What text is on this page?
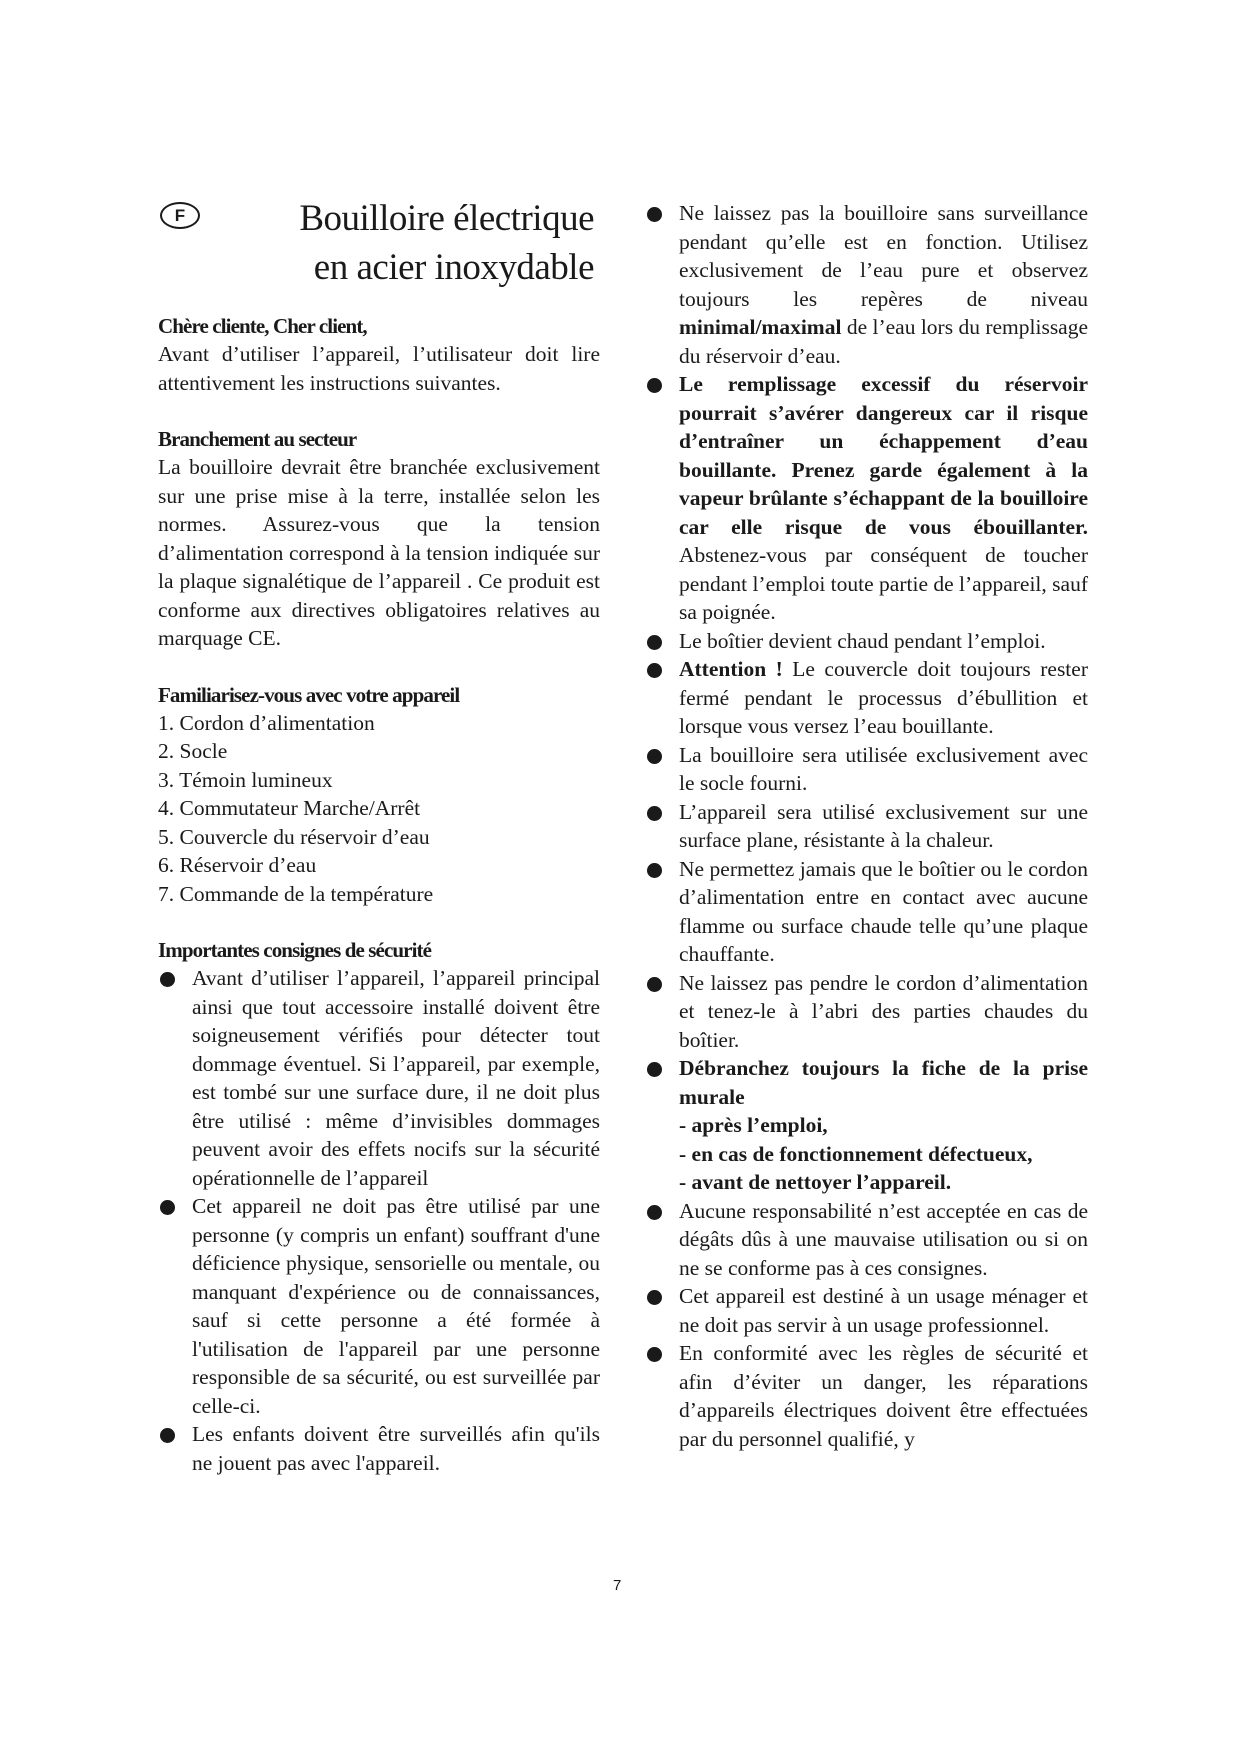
F	Bouilloire électrique
en acier inoxydable
Chère cliente, Cher client,
Avant d’utiliser l’appareil, l’utilisateur doit lire attentivement les instructions suivantes.
Branchement au secteur
La bouilloire devrait être branchée exclusivement sur une prise mise à la terre, installée selon les normes. Assurez-vous que la tension d’alimentation correspond à la tension indiquée sur la plaque signalétique de l’appareil . Ce produit est conforme aux directives obligatoires relatives au marquage CE.
Familiarisez-vous avec votre appareil
1. Cordon d’alimentation
2. Socle
3. Témoin lumineux
4. Commutateur Marche/Arrêt
5. Couvercle du réservoir d’eau
6. Réservoir d’eau
7. Commande de la température
Importantes consignes de sécurité
Avant d’utiliser l’appareil, l’appareil principal ainsi que tout accessoire installé doivent être soigneusement vérifiés pour détecter tout dommage éventuel. Si l’appareil, par exemple, est tombé sur une surface dure, il ne doit plus être utilisé : même d’invisibles dommages peuvent avoir des effets nocifs sur la sécurité opérationnelle de l’appareil
Cet appareil ne doit pas être utilisé par une personne (y compris un enfant) souffrant d'une déficience physique, sensorielle ou mentale, ou manquant d'expérience ou de connaissances, sauf si cette personne a été formée à l'utilisation de l'appareil par une personne responsible de sa sécurité, ou est surveillée par celle-ci.
Les enfants doivent être surveillés afin qu'ils ne jouent pas avec l'appareil.
Ne laissez pas la bouilloire sans surveillance pendant qu’elle est en fonction. Utilisez exclusivement de l’eau pure et observez toujours les repères de niveau minimal/maximal de l’eau lors du remplissage du réservoir d’eau.
Le remplissage excessif du réservoir pourrait s’avérer dangereux car il risque d’entraîner un échappement d’eau bouillante. Prenez garde également à la vapeur brûlante s’échappant de la bouilloire car elle risque de vous ébouillanter. Abstenez-vous par conséquent de toucher pendant l’emploi toute partie de l’appareil, sauf sa poignée.
Le boîtier devient chaud pendant l’emploi.
Attention ! Le couvercle doit toujours rester fermé pendant le processus d’ébullition et lorsque vous versez l’eau bouillante.
La bouilloire sera utilisée exclusivement avec le socle fourni.
L’appareil sera utilisé exclusivement sur une surface plane, résistante à la chaleur.
Ne permettez jamais que le boîtier ou le cordon d’alimentation entre en contact avec aucune flamme ou surface chaude telle qu’une plaque chauffante.
Ne laissez pas pendre le cordon d’alimentation et tenez-le à l’abri des parties chaudes du boîtier.
Débranchez toujours la fiche de la prise murale
- après l’emploi,
- en cas de fonctionnement défectueux,
- avant de nettoyer l’appareil.
Aucune responsabilité n’est acceptée en cas de dégâts dûs à une mauvaise utilisation ou si on ne se conforme pas à ces consignes.
Cet appareil est destiné à un usage ménager et ne doit pas servir à un usage professionnel.
En conformité avec les règles de sécurité et afin d’éviter un danger, les réparations d’appareils électriques doivent être effectuées par du personnel qualifié, y
7
